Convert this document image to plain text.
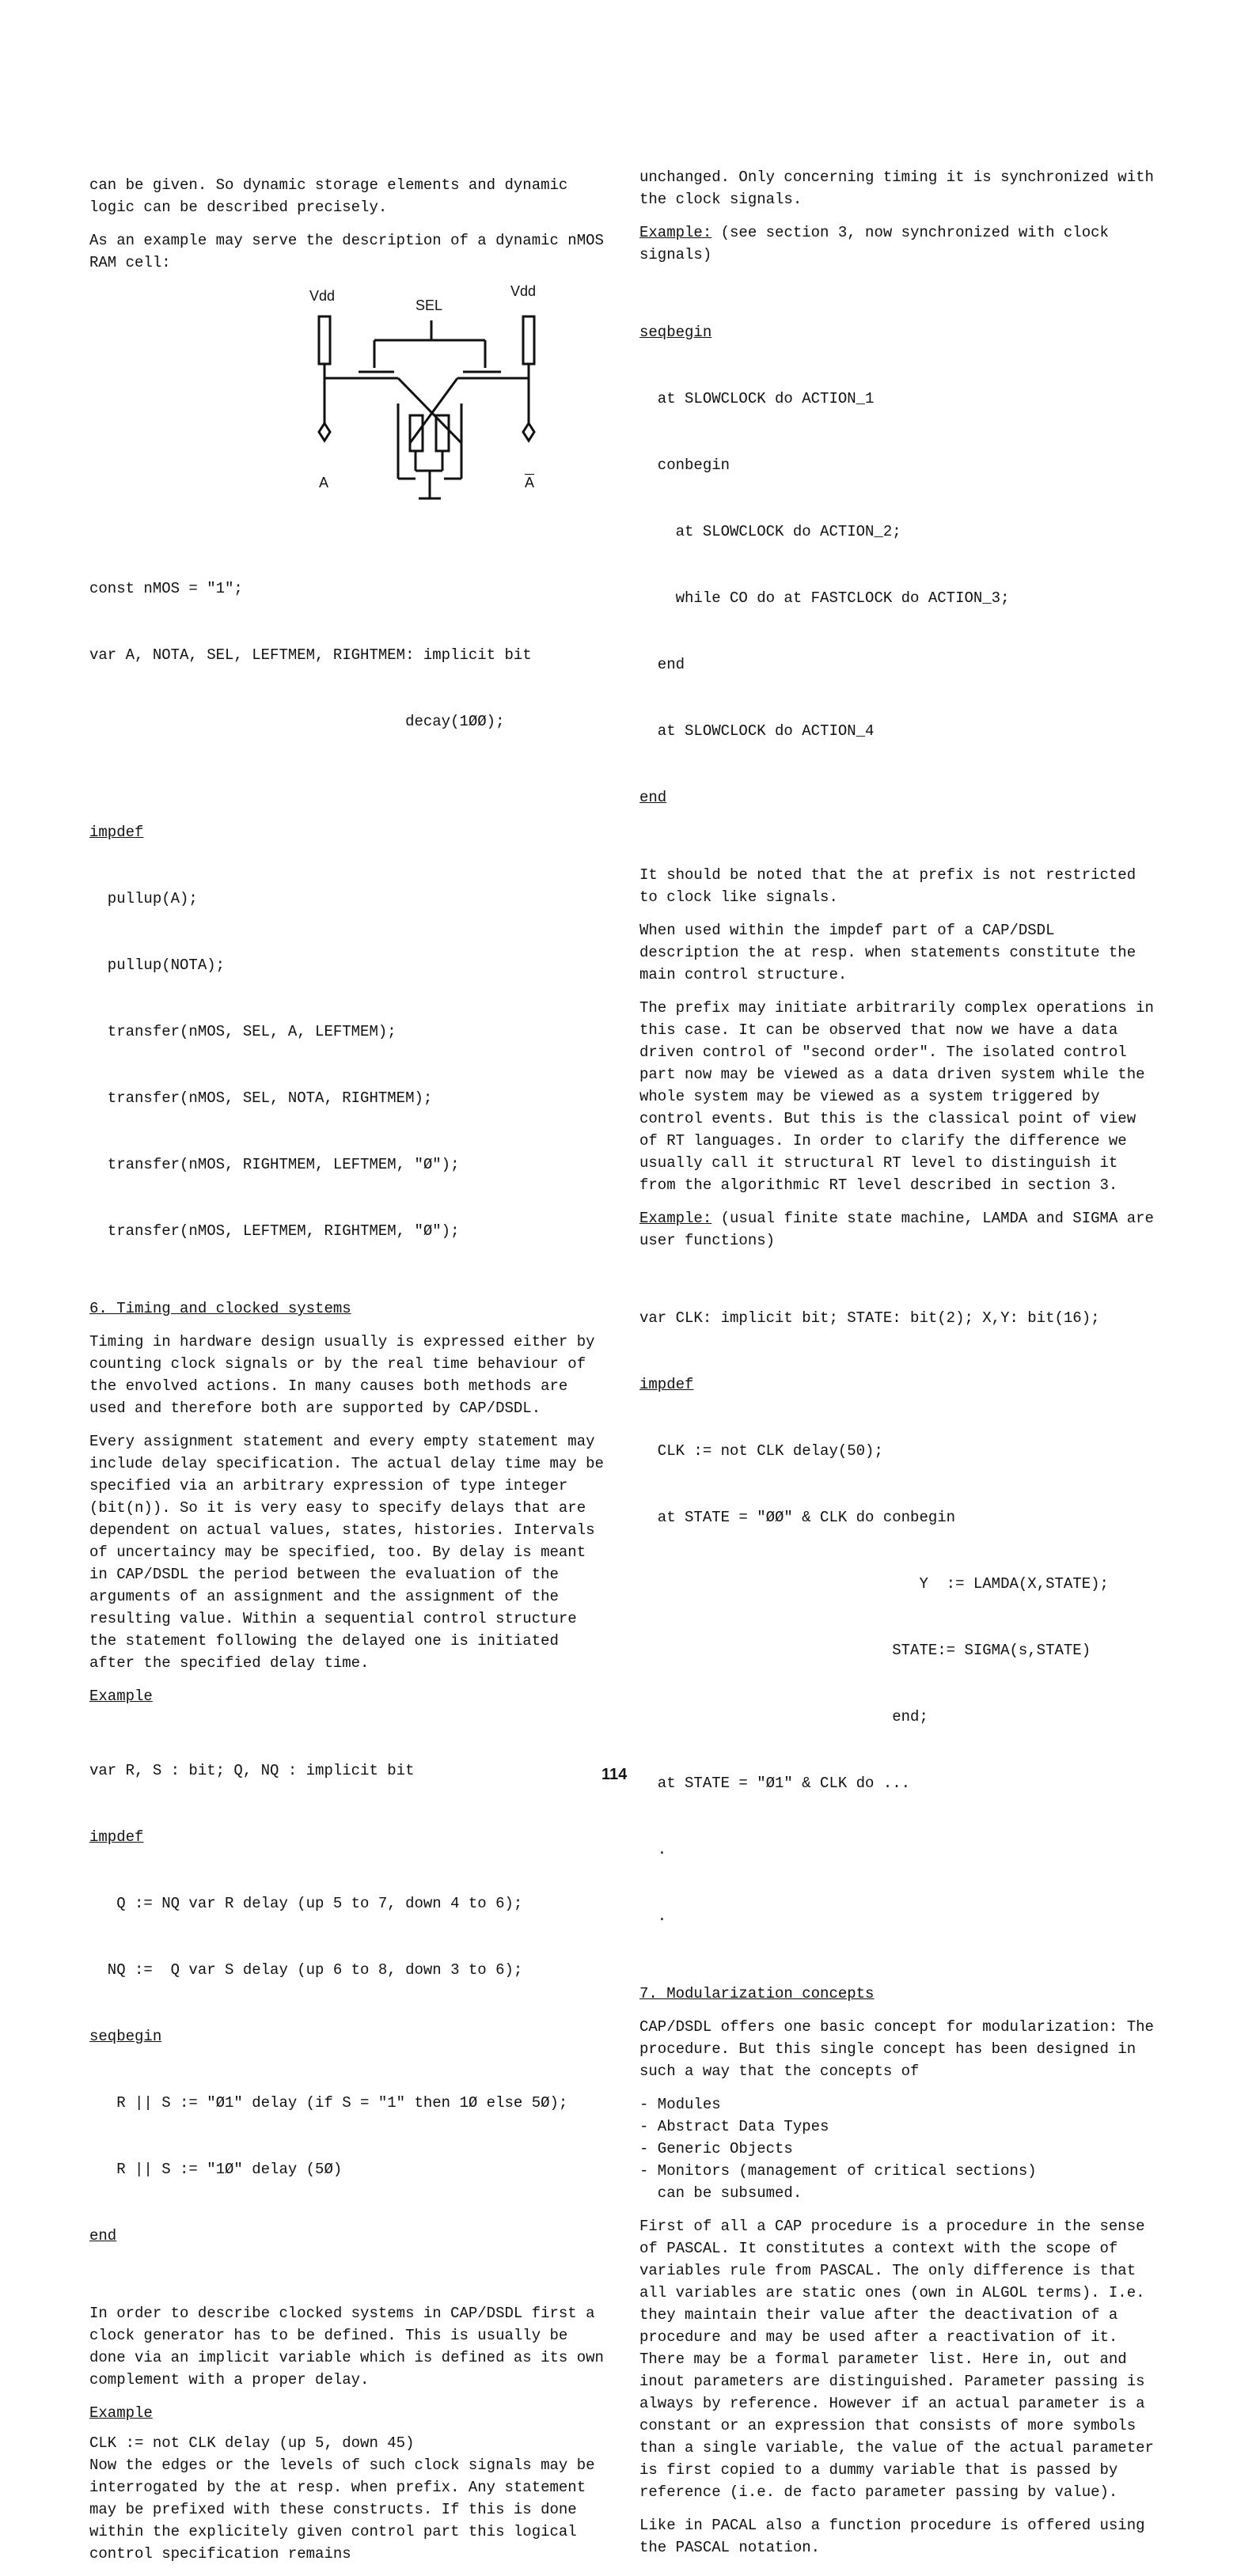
can be given. So dynamic storage elements and dynamic logic can be described precisely.

As an example may serve the description of a dynamic nMOS RAM cell:

Vdd
SEL
Vdd
A	$\overline{A}$

const nMOS = "1";

var A, NOTA, SEL, LEFTMEM, RIGHTMEM: implicit bit

decay(1ØØ);

impdef

pullup(A);

pullup(NOTA);

transfer(nMOS, SEL, A, LEFTMEM);

transfer(nMOS, SEL, NOTA, RIGHTMEM);

transfer(nMOS, RIGHTMEM, LEFTMEM, "Ø");

transfer(nMOS, LEFTMEM, RIGHTMEM, "Ø");

6. Timing and clocked systems

Timing in hardware design usually is expressed either by counting clock signals or by the real time behaviour of the envolved actions. In many causes both methods are used and therefore both are supported by CAP/DSDL.

Every assignment statement and every empty statement may include delay specification. The actual delay time may be specified via an arbitrary expression of type integer (bit(n)). So it is very easy to specify delays that are dependent on actual values, states, histories. Intervals of uncertaincy may be specified, too. By delay is meant in CAP/DSDL the period between the evaluation of the arguments of an assignment and the assignment of the resulting value. Within a sequential control structure the statement following the delayed one is initiated after the specified delay time.

Example

var R, S : bit; Q, NQ : implicit bit

impdef

Q := NQ var R delay (up 5 to 7, down 4 to 6);

NQ :=  Q var S delay (up 6 to 8, down 3 to 6);

seqbegin

R || S := "Ø1" delay (if S = "1" then 1Ø else 5Ø);

R || S := "1Ø" delay (5Ø)

end

In order to describe clocked systems in CAP/DSDL first a clock generator has to be defined. This is usually be done via an implicit variable which is defined as its own complement with a proper delay.

Example
CLK := not CLK delay (up 5, down 45)

Now the edges or the levels of such clock signals may be interrogated by the at resp. when prefix. Any statement may be prefixed with these constructs. If this is done within the explicitely given control part this logical control specification remains

unchanged. Only concerning timing it is synchronized with the clock signals.

Example: (see section 3, now synchronized with clock signals)

seqbegin

at SLOWCLOCK do ACTION_1

conbegin

at SLOWCLOCK do ACTION_2;

while CO do at FASTCLOCK do ACTION_3;

end

at SLOWCLOCK do ACTION_4

end

It should be noted that the at prefix is not restricted to clock like signals.

When used within the impdef part of a CAP/DSDL description the at resp. when statements constitute the main control structure.

The prefix may initiate arbitrarily complex operations in this case. It can be observed that now we have a data driven control of "second order". The isolated control part now may be viewed as a data driven system while the whole system may be viewed as a system triggered by control events. But this is the classical point of view of RT languages. In order to clarify the difference we usually call it structural RT level to distinguish it from the algorithmic RT level described in section 3.

Example: (usual finite state machine, LAMDA and SIGMA are user functions)

var CLK: implicit bit; STATE: bit(2); X,Y: bit(16);

impdef

CLK := not CLK delay(50);

at STATE = "ØØ" & CLK do conbegin

Y  := LAMDA(X,STATE);

STATE:= SIGMA(s,STATE)

end;

at STATE = "Ø1" & CLK do ...

.

.

7. Modularization concepts

CAP/DSDL offers one basic concept for modularization: The procedure. But this single concept has been designed in such a way that the concepts of

- Modules
- Abstract Data Types
- Generic Objects
- Monitors (management of critical sections)
can be subsumed.

First of all a CAP procedure is a procedure in the sense of PASCAL. It constitutes a context with the scope of variables rule from PASCAL. The only difference is that all variables are static ones (own in ALGOL terms). I.e. they maintain their value after the deactivation of a procedure and may be used after a reactivation of it. There may be a formal parameter list. Here in, out and inout parameters are distinguished. Parameter passing is always by reference. However if an actual parameter is a constant or an expression that consists of more symbols than a single variable, the value of the actual parameter is first copied to a dummy variable that is passed by reference (i.e. de facto parameter passing by value).

Like in PACAL also a function procedure is offered using the PASCAL notation.

114
